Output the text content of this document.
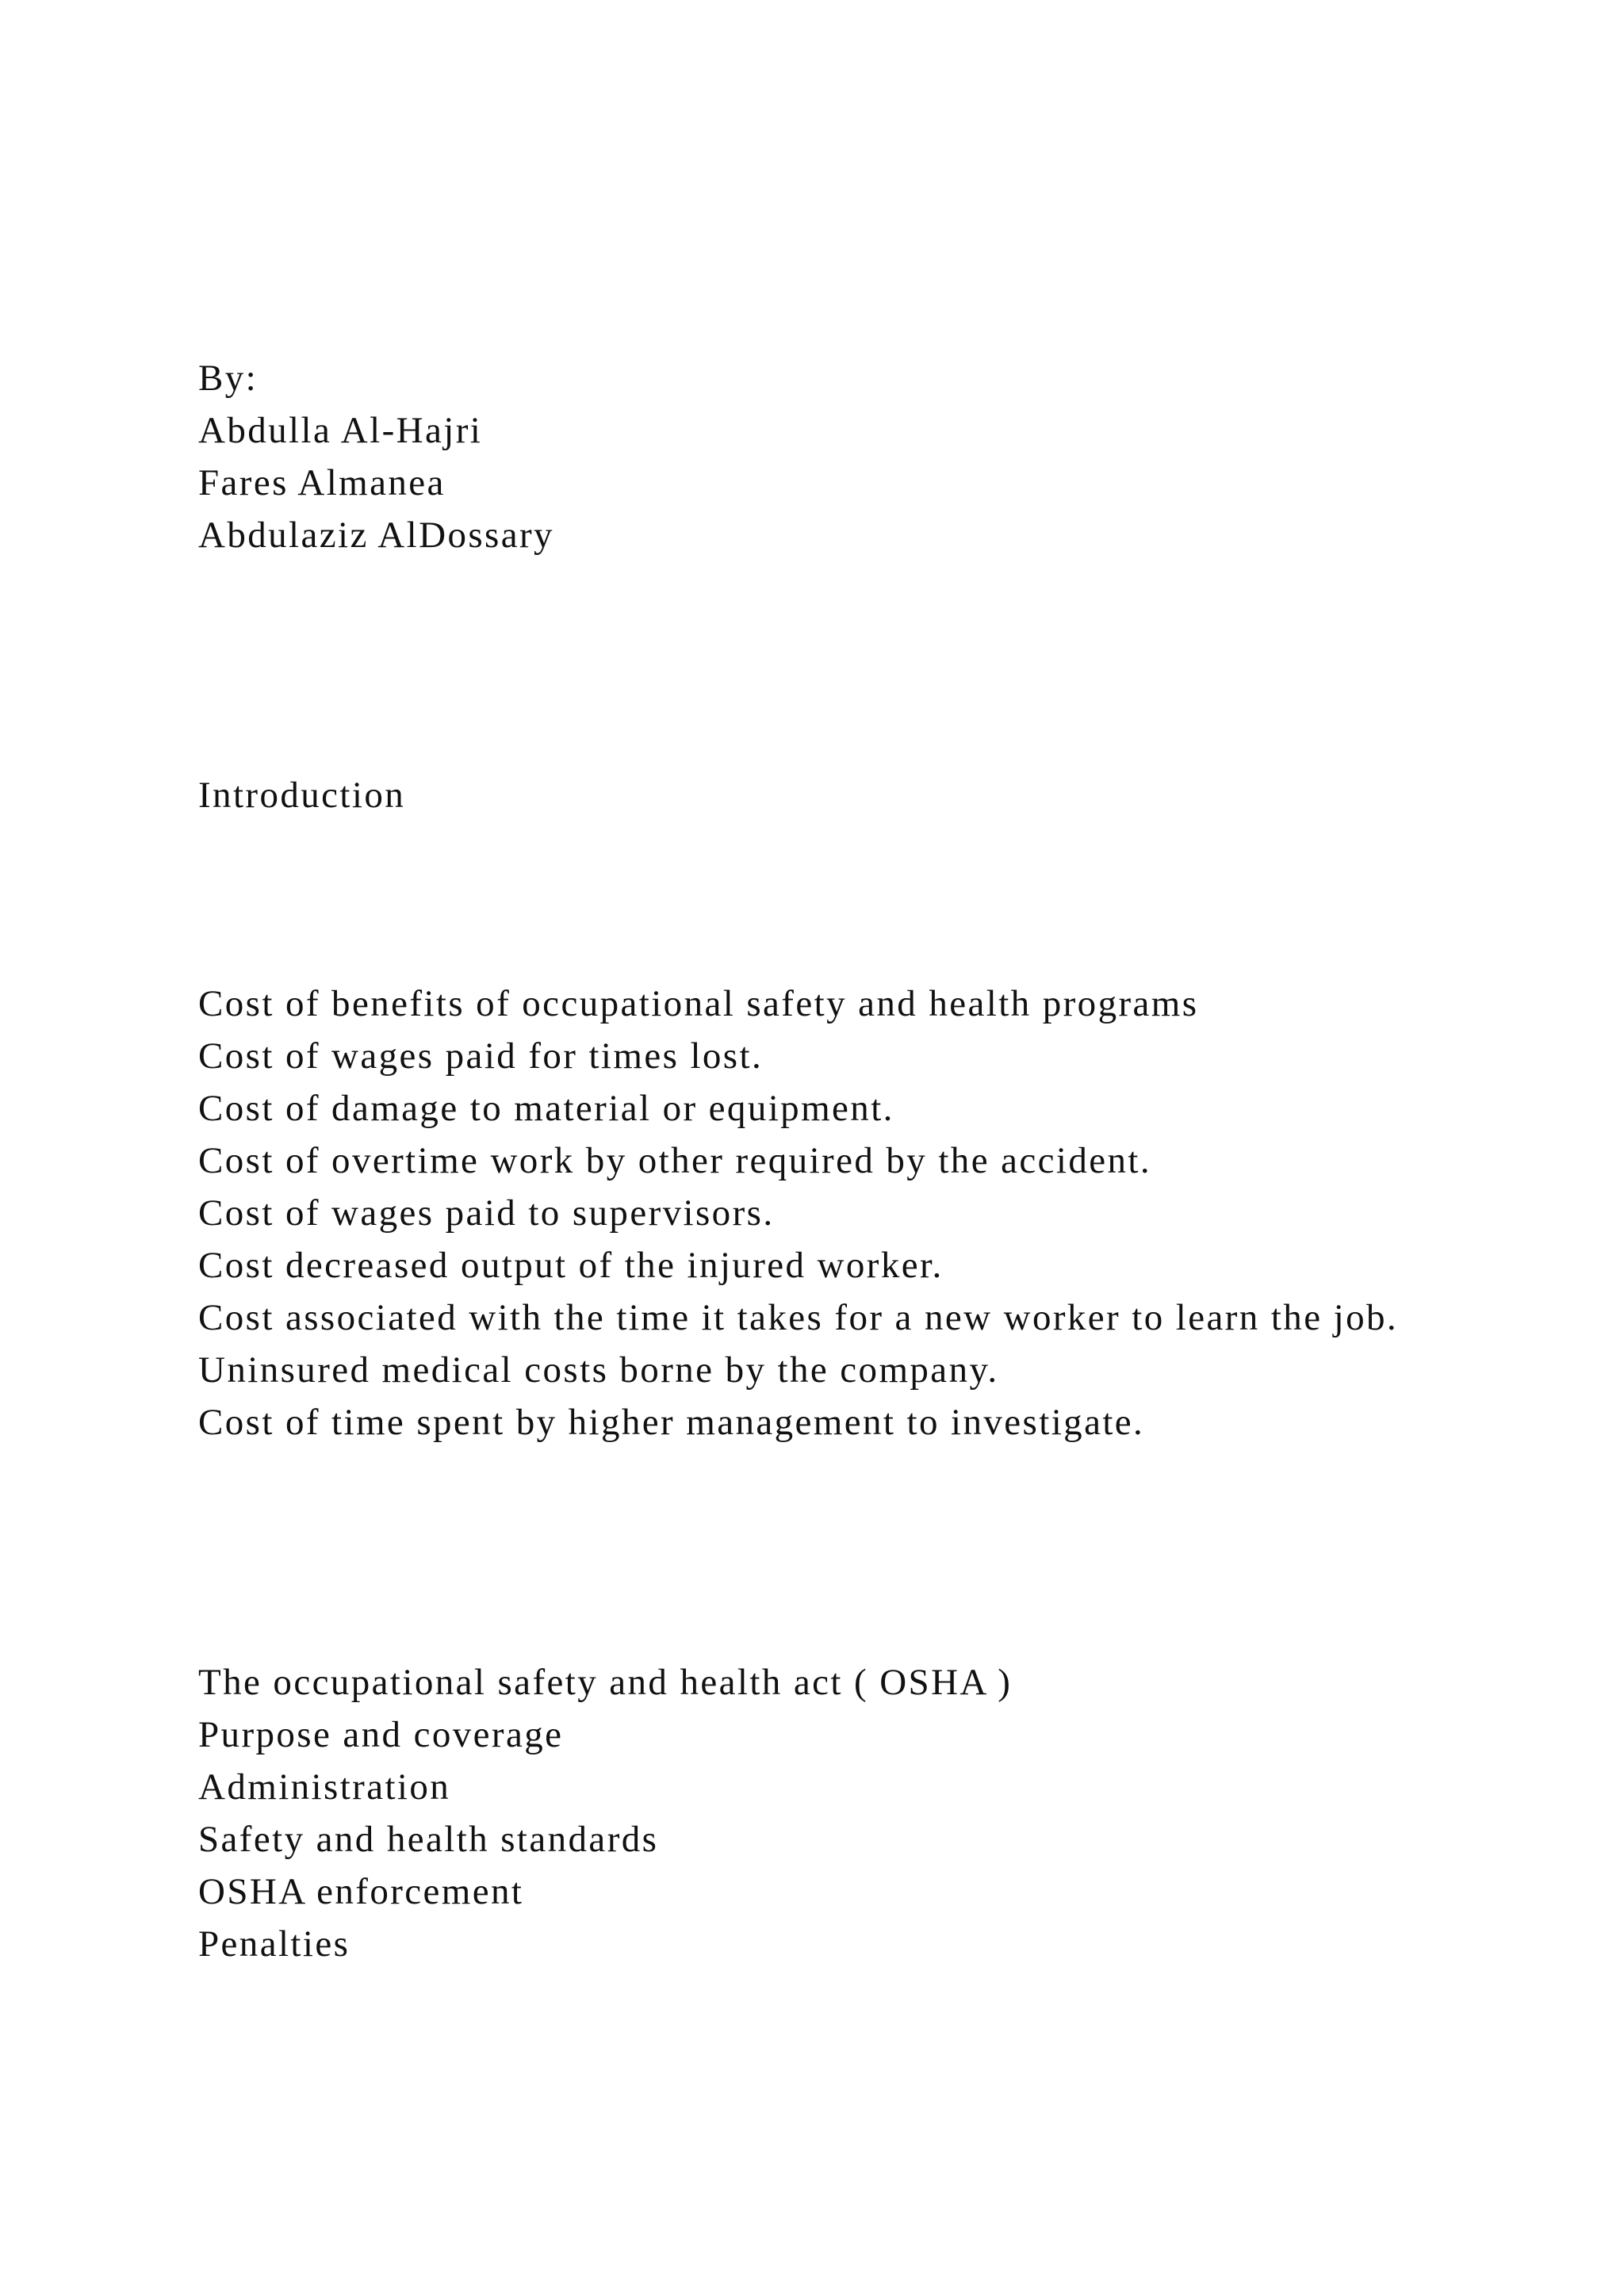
By:
Abdulla Al-Hajri
Fares Almanea
Abdulaziz AlDossary
Introduction
Cost of benefits of occupational safety and health programs
Cost of wages paid for times lost.
Cost of damage to material or equipment.
Cost of overtime work by other required by the accident.
Cost of wages paid to supervisors.
Cost decreased output of the injured worker.
Cost associated with the time it takes for a new worker to learn the job.
Uninsured medical costs borne by the company.
Cost of time spent by higher management to investigate.
The occupational safety and health act ( OSHA )
Purpose and coverage
Administration
Safety and health standards
OSHA enforcement
Penalties
